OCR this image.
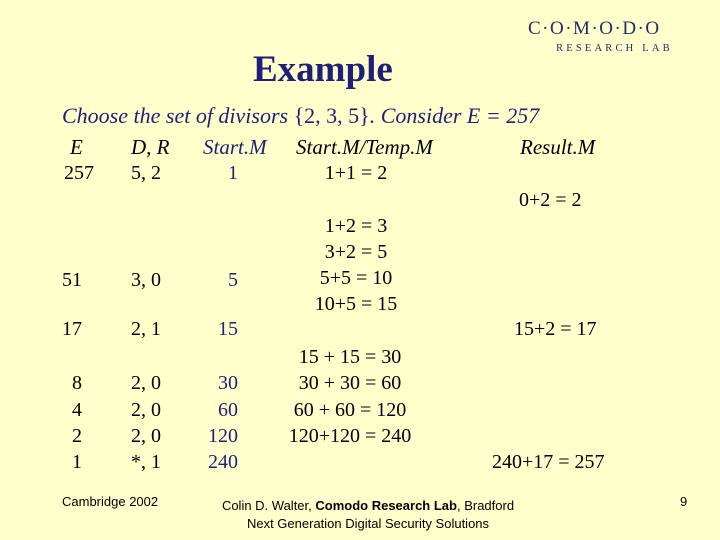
C·O·M·O·D·O
RESEARCH LAB
Example
Choose the set of divisors {2, 3, 5}. Consider E = 257
E D, R Start.M Start.M/Temp.M	Result.M
257
51
17
8
4
2
1
5, 2
3, 0
2, 1
2, 0
2, 0
2, 0
*, 1
1
5
15
30
60
120
240
1+1 = 2
1+2 = 3
3+2 = 5
5+5 = 10
10+5 = 15
15 + 15 = 30
30 + 30 = 60
60 + 60 = 120
120+120 = 240
0+2 = 2
15+2 = 17
240+17 = 257
Cambridge 2002	Colin D. Walter, Comodo Research Lab, Bradford
Next Generation Digital Security Solutions
9
